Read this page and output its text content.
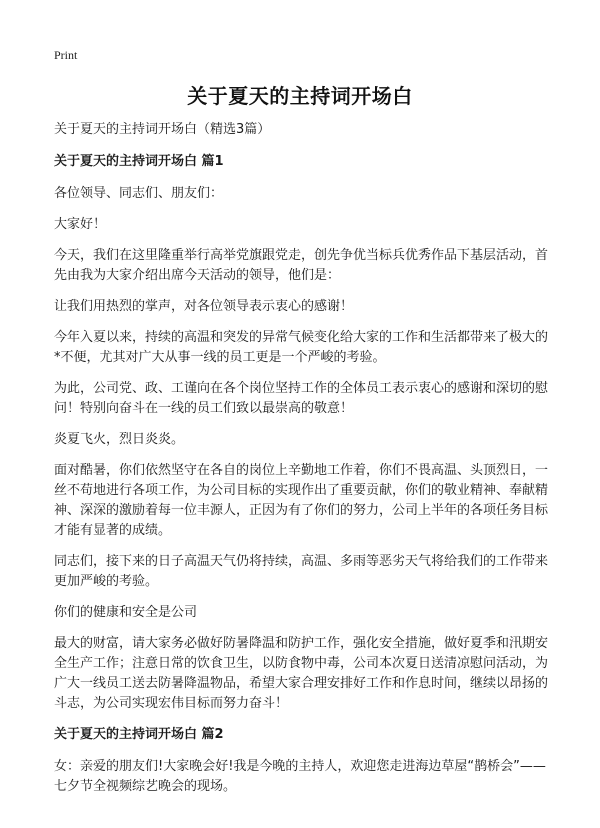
Print
关于夏天的主持词开场白

关于夏天的主持词开场白（精选3篇）

关于夏天的主持词开场白 篇1

各位领导、同志们、朋友们：

大家好！

今天，我们在这里隆重举行高举党旗跟党走，创先争优当标兵优秀作品下基层活动，首先由我为大家介绍出席今天活动的领导，他们是：

让我们用热烈的掌声，对各位领导表示衷心的感谢！

今年入夏以来，持续的高温和突发的异常气候变化给大家的工作和生活都带来了极大的*不便，尤其对广大从事一线的员工更是一个严峻的考验。

为此，公司党、政、工谨向在各个岗位坚持工作的全体员工表示衷心的感谢和深切的慰问！特别向奋斗在一线的员工们致以最崇高的敬意！

炎夏飞火，烈日炎炎。

面对酷暑，你们依然坚守在各自的岗位上辛勤地工作着，你们不畏高温、头顶烈日，一丝不苟地进行各项工作，为公司目标的实现作出了重要贡献，你们的敬业精神、奉献精神、深深的激励着每一位丰源人，正因为有了你们的努力，公司上半年的各项任务目标才能有显著的成绩。

同志们，接下来的日子高温天气仍将持续，高温、多雨等恶劣天气将给我们的工作带来更加严峻的考验。

你们的健康和安全是公司

最大的财富，请大家务必做好防暑降温和防护工作，强化安全措施，做好夏季和汛期安全生产工作；注意日常的饮食卫生，以防食物中毒，公司本次夏日送清凉慰问活动，为广大一线员工送去防暑降温物品，希望大家合理安排好工作和作息时间，继续以昂扬的斗志，为公司实现宏伟目标而努力奋斗！

关于夏天的主持词开场白 篇2

女：亲爱的朋友们!大家晚会好!我是今晚的主持人，欢迎您走进海边草屋“鹊桥会”——七夕节全视频综艺晚会的现场。
